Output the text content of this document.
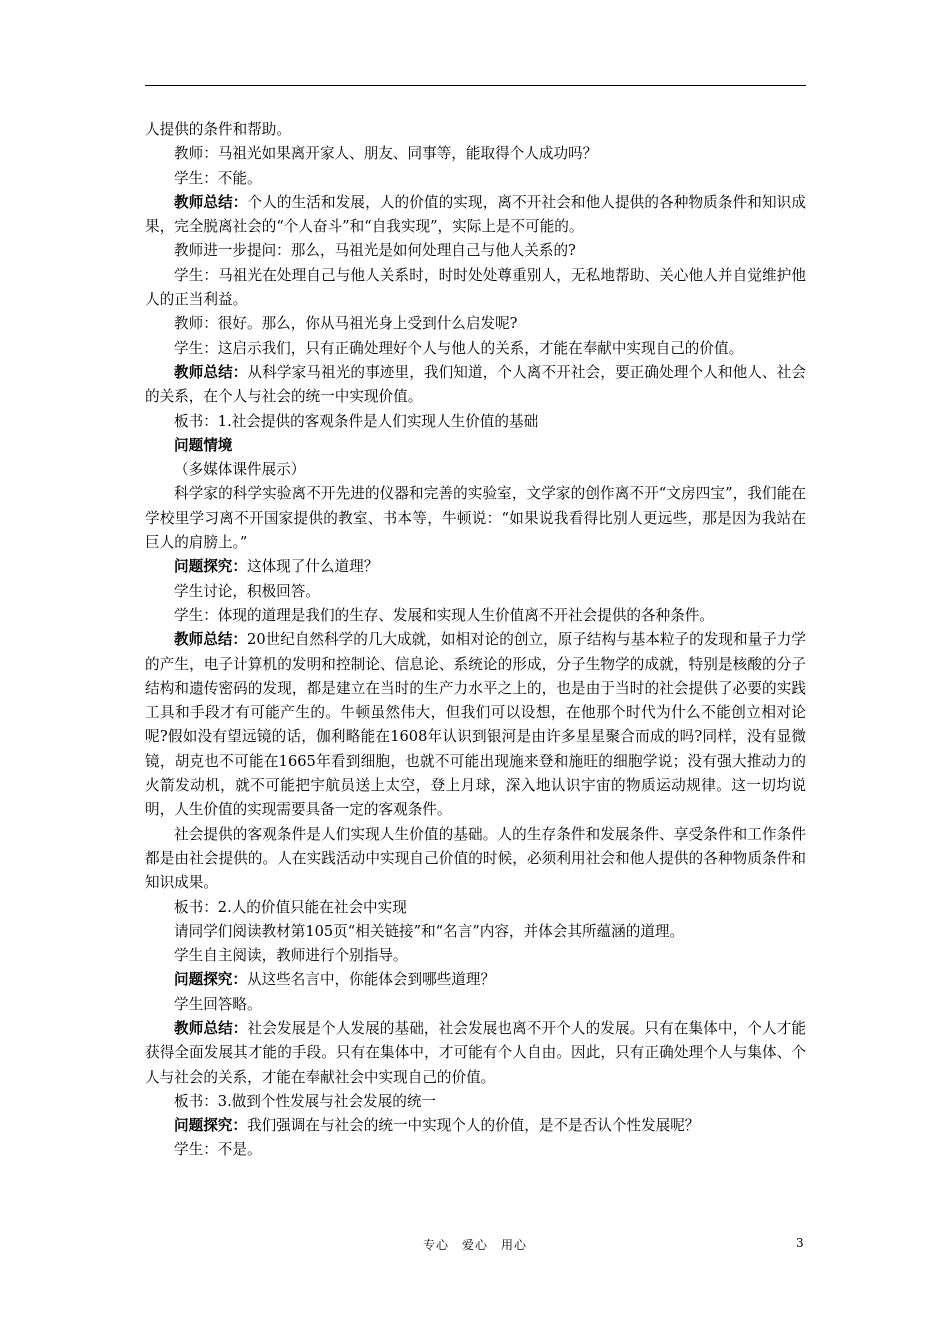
人提供的条件和帮助。

教师：马祖光如果离开家人、朋友、同事等，能取得个人成功吗？

学生：不能。

教师总结：个人的生活和发展，人的价值的实现，离不开社会和他人提供的各种物质条件和知识成果，完全脱离社会的“个人奋斗”和“自我实现”，实际上是不可能的。

教师进一步提问：那么，马祖光是如何处理自己与他人关系的?

学生：马祖光在处理自己与他人关系时，时时处处尊重别人，无私地帮助、关心他人并自觉维护他人的正当利益。

教师：很好。那么，你从马祖光身上受到什么启发呢?

学生：这启示我们，只有正确处理好个人与他人的关系，才能在奉献中实现自己的价值。

教师总结：从科学家马祖光的事迹里，我们知道，个人离不开社会，要正确处理个人和他人、社会的关系，在个人与社会的统一中实现价值。

板书：1.社会提供的客观条件是人们实现人生价值的基础

问题情境

（多媒体课件展示）

科学家的科学实验离不开先进的仪器和完善的实验室，文学家的创作离不开“文房四宝”，我们能在学校里学习离不开国家提供的教室、书本等，牛顿说：“如果说我看得比别人更远些，那是因为我站在巨人的肩膀上。”

问题探究：这体现了什么道理？

学生讨论，积极回答。

学生：体现的道理是我们的生存、发展和实现人生价值离不开社会提供的各种条件。

教师总结：20世纪自然科学的几大成就，如相对论的创立，原子结构与基本粒子的发现和量子力学的产生，电子计算机的发明和控制论、信息论、系统论的形成，分子生物学的成就，特别是核酸的分子结构和遗传密码的发现，都是建立在当时的生产力水平之上的，也是由于当时的社会提供了必要的实践工具和手段才有可能产生的。牛顿虽然伟大，但我们可以设想，在他那个时代为什么不能创立相对论呢?假如没有望远镜的话，伽利略能在1608年认识到银河是由许多星星聚合而成的吗?同样，没有显微镜，胡克也不可能在1665年看到细胞，也就不可能出现施来登和施旺的细胞学说；没有强大推动力的火箭发动机，就不可能把宇航员送上太空，登上月球，深入地认识宇宙的物质运动规律。这一切均说明，人生价值的实现需要具备一定的客观条件。

社会提供的客观条件是人们实现人生价值的基础。人的生存条件和发展条件、享受条件和工作条件都是由社会提供的。人在实践活动中实现自己价值的时候，必须利用社会和他人提供的各种物质条件和知识成果。

板书：2.人的价值只能在社会中实现

请同学们阅读教材第105页“相关链接”和“名言”内容，并体会其所蕴涵的道理。

学生自主阅读，教师进行个别指导。

问题探究：从这些名言中，你能体会到哪些道理？

学生回答略。

教师总结：社会发展是个人发展的基础，社会发展也离不开个人的发展。只有在集体中，个人才能获得全面发展其才能的手段。只有在集体中，才可能有个人自由。因此，只有正确处理个人与集体、个人与社会的关系，才能在奉献社会中实现自己的价值。

板书：3.做到个性发展与社会发展的统一

问题探究：我们强调在与社会的统一中实现个人的价值，是不是否认个性发展呢？

学生：不是。

专心　爱心　用心	3
